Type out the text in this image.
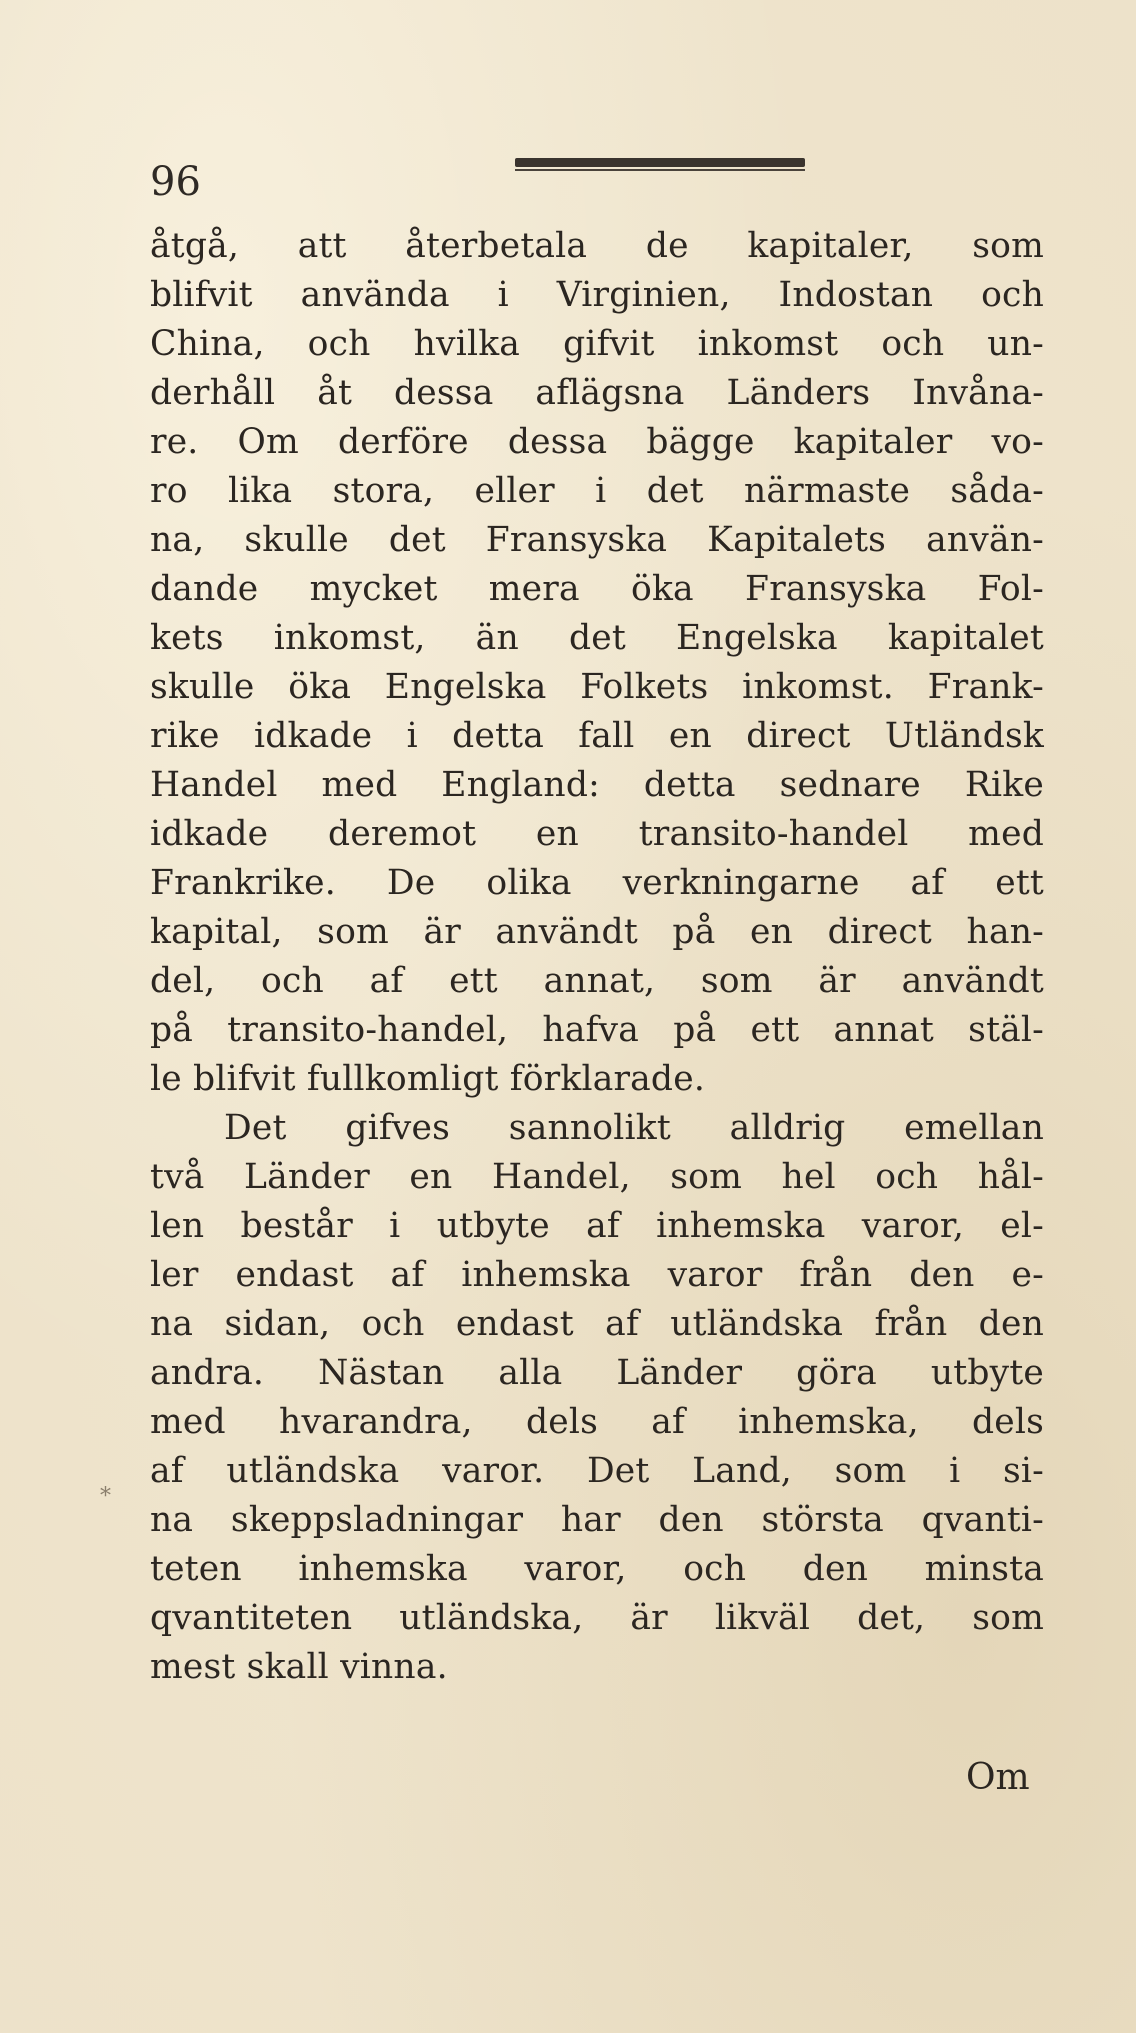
96
åtgå, att återbetala de kapitaler, som
blifvit använda i Virginien, Indostan och
China, och hvilka gifvit inkomst och un-
derhåll åt dessa aflägsna Länders Invåna-
re. Om derföre dessa bägge kapitaler vo-
ro lika stora, eller i det närmaste såda-
na, skulle det Fransyska Kapitalets använ-
dande mycket mera öka Fransyska Fol-
kets inkomst, än det Engelska kapitalet
skulle öka Engelska Folkets inkomst. Frank-
rike idkade i detta fall en direct Utländsk
Handel med England: detta sednare Rike
idkade deremot en transito-handel med
Frankrike. De olika verkningarne af ett
kapital, som är användt på en direct han-
del, och af ett annat, som är användt
på transito-handel, hafva på ett annat stäl-
le blifvit fullkomligt förklarade.
Det gifves sannolikt alldrig emellan
två Länder en Handel, som hel och hål-
len består i utbyte af inhemska varor, el-
ler endast af inhemska varor från den e-
na sidan, och endast af utländska från den
andra. Nästan alla Länder göra utbyte
med hvarandra, dels af inhemska, dels
af utländska varor. Det Land, som i si-
na skeppsladningar har den största qvanti-
teten inhemska varor, och den minsta
qvantiteten utländska, är likväl det, som
mest skall vinna.
*
Om
